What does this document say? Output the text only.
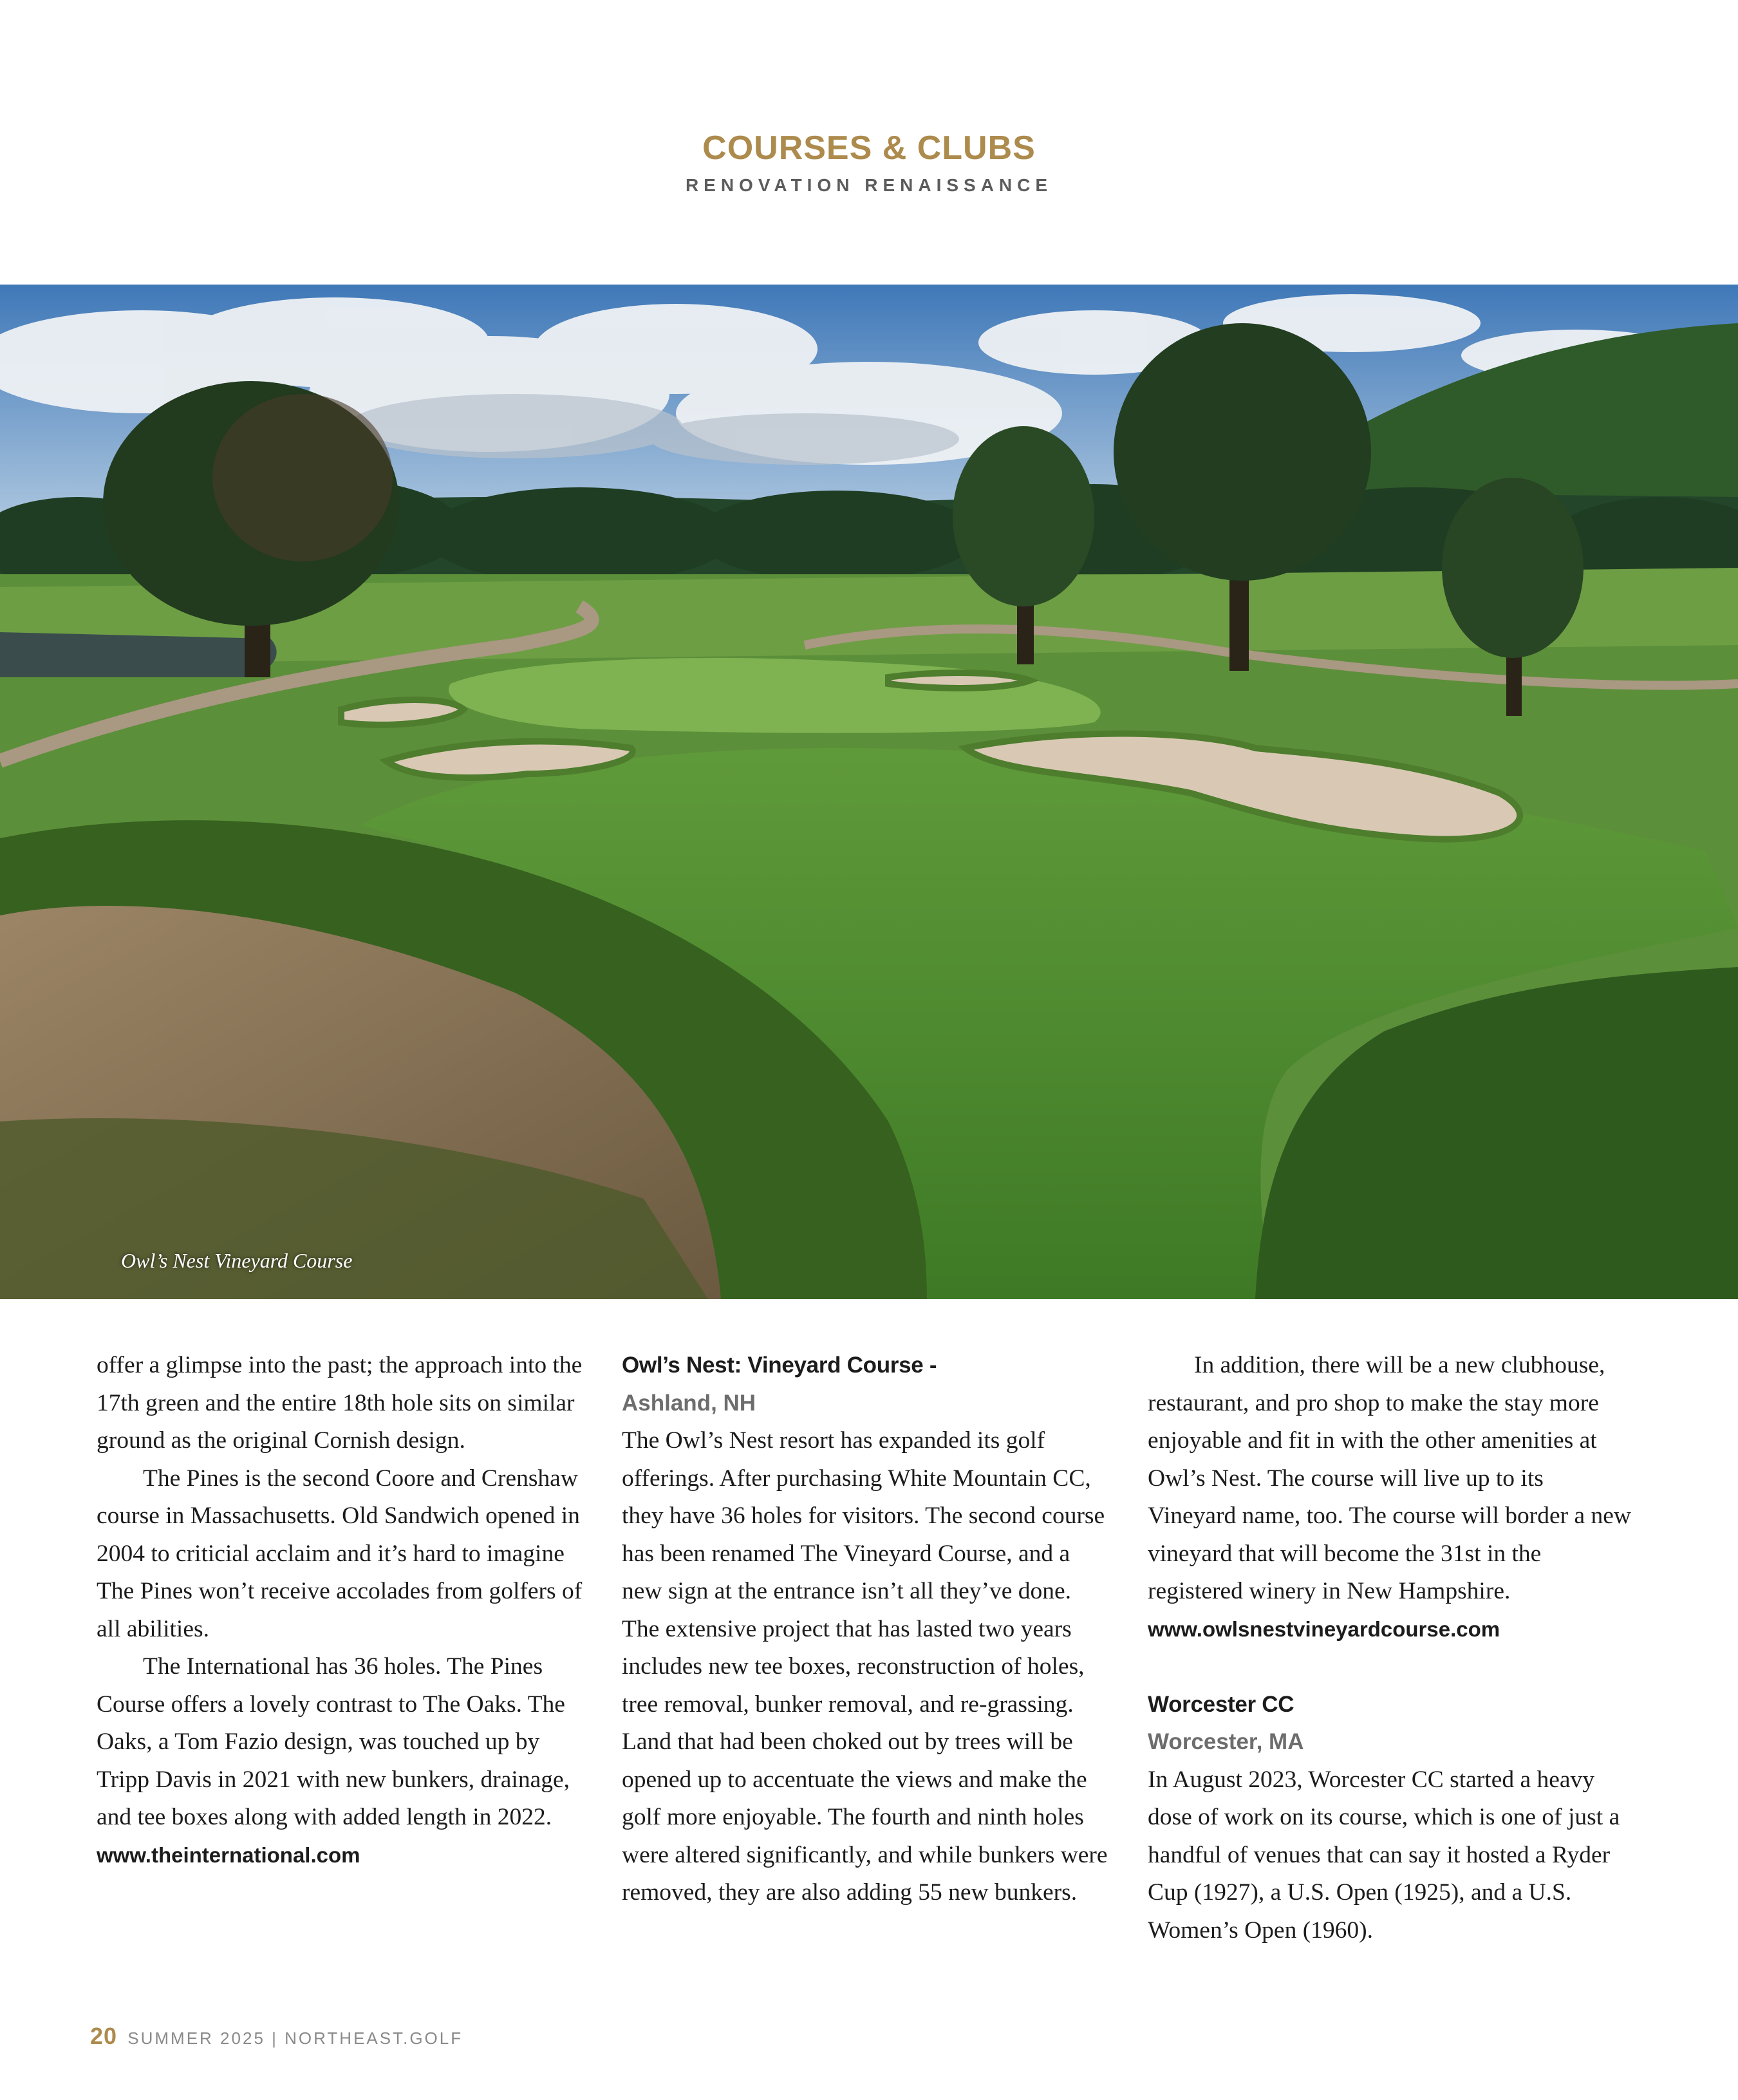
COURSES & CLUBS
RENOVATION RENAISSANCE
Owl’s Nest Vineyard Course

offer a glimpse into the past; the approach into the 17th green and the entire 18th hole sits on similar ground as the original Cornish design.

The Pines is the second Coore and Crenshaw course in Massachusetts. Old Sandwich opened in 2004 to criticial acclaim and it’s hard to imagine The Pines won’t receive accolades from golfers of all abilities.

The International has 36 holes. The Pines Course offers a lovely contrast to The Oaks. The Oaks, a Tom Fazio design, was touched up by Tripp Davis in 2021 with new bunkers, drainage, and tee boxes along with added length in 2022.

www.theinternational.com
Owl’s Nest: Vineyard Course -
Ashland, NH

The Owl’s Nest resort has expanded its golf offerings. After purchasing White Mountain CC, they have 36 holes for visitors. The second course has been renamed The Vineyard Course, and a new sign at the entrance isn’t all they’ve done. The extensive project that has lasted two years includes new tee boxes, reconstruction of holes, tree removal, bunker removal, and re-grassing. Land that had been choked out by trees will be opened up to accentuate the views and make the golf more enjoyable. The fourth and ninth holes were altered significantly, and while bunkers were removed, they are also adding 55 new bunkers.

In addition, there will be a new clubhouse, restaurant, and pro shop to make the stay more enjoyable and fit in with the other amenities at Owl’s Nest. The course will live up to its Vineyard name, too. The course will border a new vineyard that will become the 31st in the registered winery in New Hampshire.

www.owlsnestvineyardcourse.com
Worcester CC
Worcester, MA

In August 2023, Worcester CC started a heavy dose of work on its course, which is one of just a handful of venues that can say it hosted a Ryder Cup (1927), a U.S. Open (1925), and a U.S. Women’s Open (1960).

20 SUMMER 2025 | NORTHEAST.GOLF
